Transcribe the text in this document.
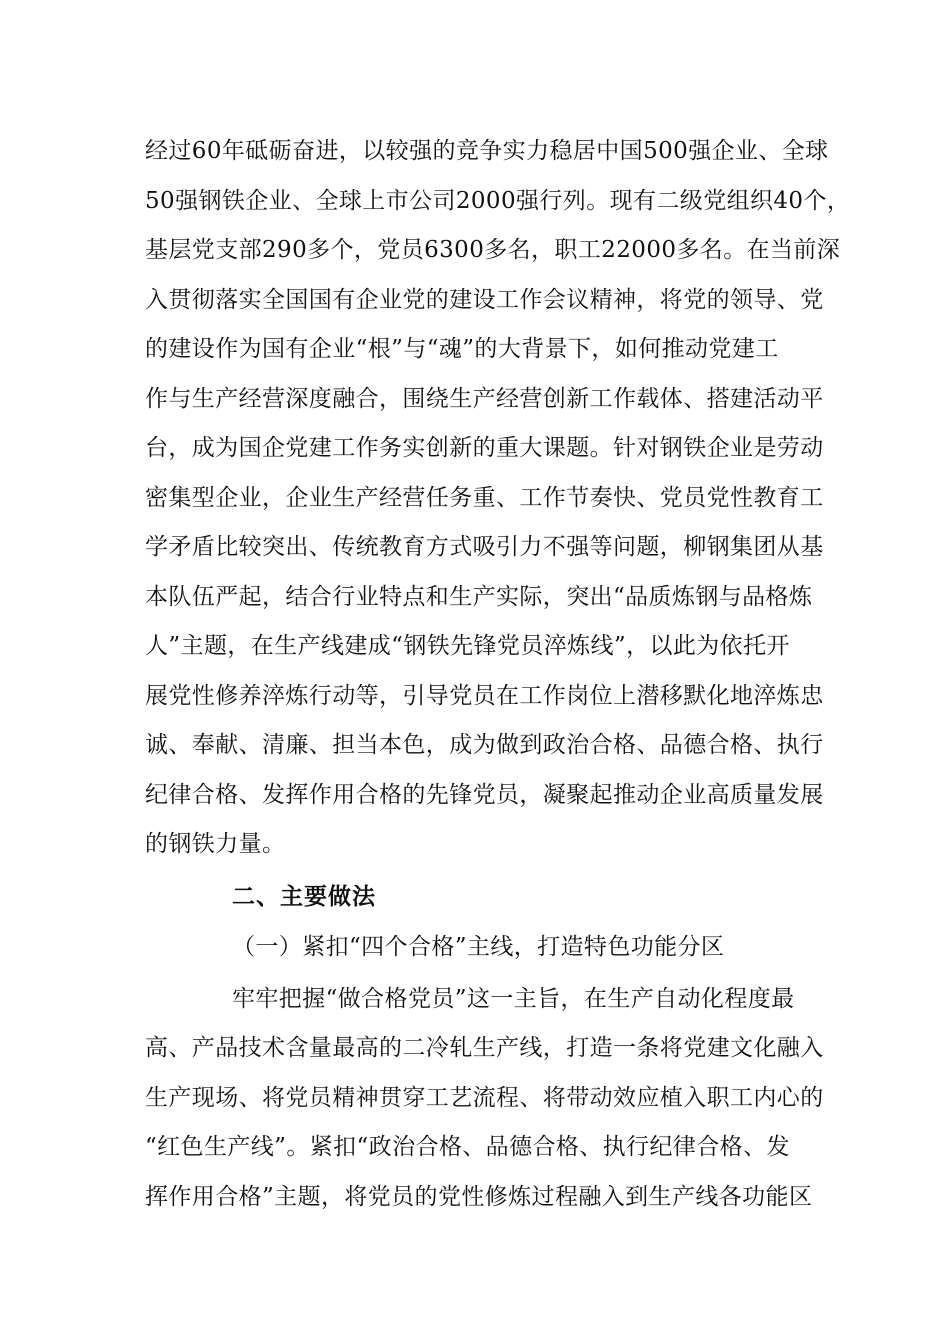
经过60年砥砺奋进，以较强的竞争实力稳居中国500强企业、全球
50强钢铁企业、全球上市公司2000强行列。现有二级党组织40个，
基层党支部290多个，党员6300多名，职工22000多名。在当前深
入贯彻落实全国国有企业党的建设工作会议精神，将党的领导、党
的建设作为国有企业“根”与“魂”的大背景下，如何推动党建工
作与生产经营深度融合，围绕生产经营创新工作载体、搭建活动平
台，成为国企党建工作务实创新的重大课题。针对钢铁企业是劳动
密集型企业，企业生产经营任务重、工作节奏快、党员党性教育工
学矛盾比较突出、传统教育方式吸引力不强等问题，柳钢集团从基
本队伍严起，结合行业特点和生产实际，突出“品质炼钢与品格炼
人”主题，在生产线建成“钢铁先锋党员淬炼线”，以此为依托开
展党性修养淬炼行动等，引导党员在工作岗位上潜移默化地淬炼忠
诚、奉献、清廉、担当本色，成为做到政治合格、品德合格、执行
纪律合格、发挥作用合格的先锋党员，凝聚起推动企业高质量发展
的钢铁力量。
二、主要做法
（一）紧扣“四个合格”主线，打造特色功能分区
牢牢把握“做合格党员”这一主旨，在生产自动化程度最
高、产品技术含量最高的二冷轧生产线，打造一条将党建文化融入
生产现场、将党员精神贯穿工艺流程、将带动效应植入职工内心的
“红色生产线”。紧扣“政治合格、品德合格、执行纪律合格、发
挥作用合格”主题，将党员的党性修炼过程融入到生产线各功能区
